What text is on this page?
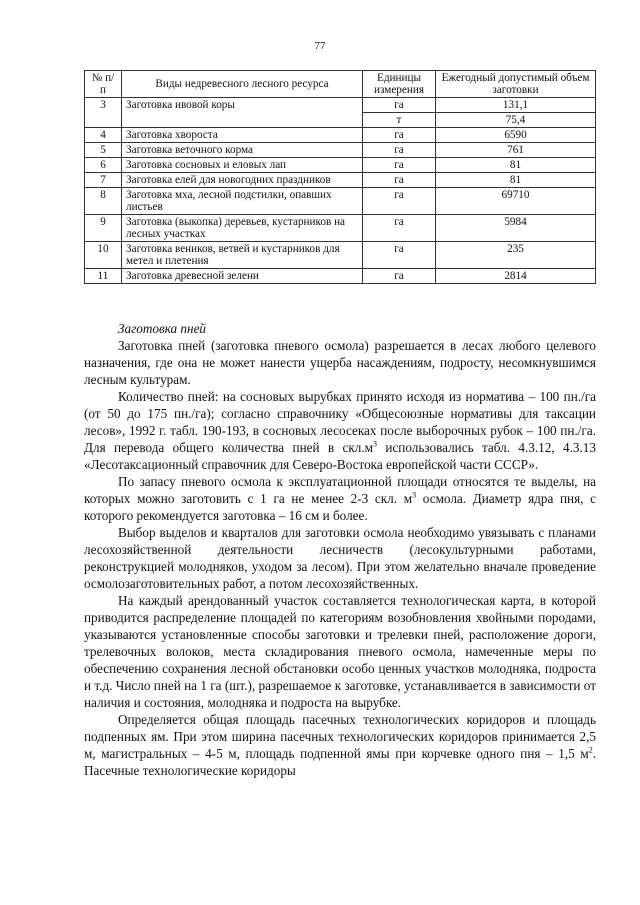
77
№ п/п	Виды недревесного лесного ресурса	Единицы измерения	Ежегодный допустимый объем заготовки
3	Заготовка ивовой коры	га	131,1
		т	75,4
4	Заготовка хвороста	га	6590
5	Заготовка веточного корма	га	761
6	Заготовка сосновых и еловых лап	га	81
7	Заготовка елей для новогодних праздников	га	81
8	Заготовка мха, лесной подстилки, опавших листьев	га	69710
9	Заготовка (выкопка) деревьев, кустарников на лесных участках	га	5984
10	Заготовка веников, ветвей и кустарников для метел и плетения	га	235
11	Заготовка древесной зелени	га	2814

Заготовка пней

Заготовка пней (заготовка пневого осмола) разрешается в лесах любого целевого назначения, где она не может нанести ущерба насаждениям, подросту, несомкнувшимся лесным культурам.

Количество пней: на сосновых вырубках принято исходя из норматива – 100 пн./га (от 50 до 175 пн./га); согласно справочнику «Общесоюзные нормативы для таксации лесов», 1992 г. табл. 190-193, в сосновых лесосеках после выборочных рубок – 100 пн./га. Для перевода общего количества пней в $скл.м^3$ использовались табл. 4.3.12, 4.3.13 «Лесотаксационный справочник для Северо-Востока европейской части СССР».

По запасу пневого осмола к эксплуатационной площади относятся те выделы, на которых можно заготовить с 1 га не менее 2-3 скл. $м^3$ осмола. Диаметр ядра пня, с которого рекомендуется заготовка – 16 см и более.

Выбор выделов и кварталов для заготовки осмола необходимо увязывать с планами лесохозяйственной деятельности лесничеств (лесокультурными работами, реконструкцией молодняков, уходом за лесом). При этом желательно вначале проведение осмолозаготовительных работ, а потом лесохозяйственных.

На каждый арендованный участок составляется технологическая карта, в которой приводится распределение площадей по категориям возобновления хвойными породами, указываются установленные способы заготовки и трелевки пней, расположение дороги, трелевочных волоков, места складирования пневого осмола, намеченные меры по обеспечению сохранения лесной обстановки особо ценных участков молодняка, подроста и т.д. Число пней на 1 га (шт.), разрешаемое к заготовке, устанавливается в зависимости от наличия и состояния, молодняка и подроста на вырубке.

Определяется общая площадь пасечных технологических коридоров и площадь подпенных ям. При этом ширина пасечных технологических коридоров принимается 2,5 м, магистральных – 4-5 м, площадь подпенной ямы при корчевке одного пня – 1,5 $м^2$. Пасечные технологические коридоры
